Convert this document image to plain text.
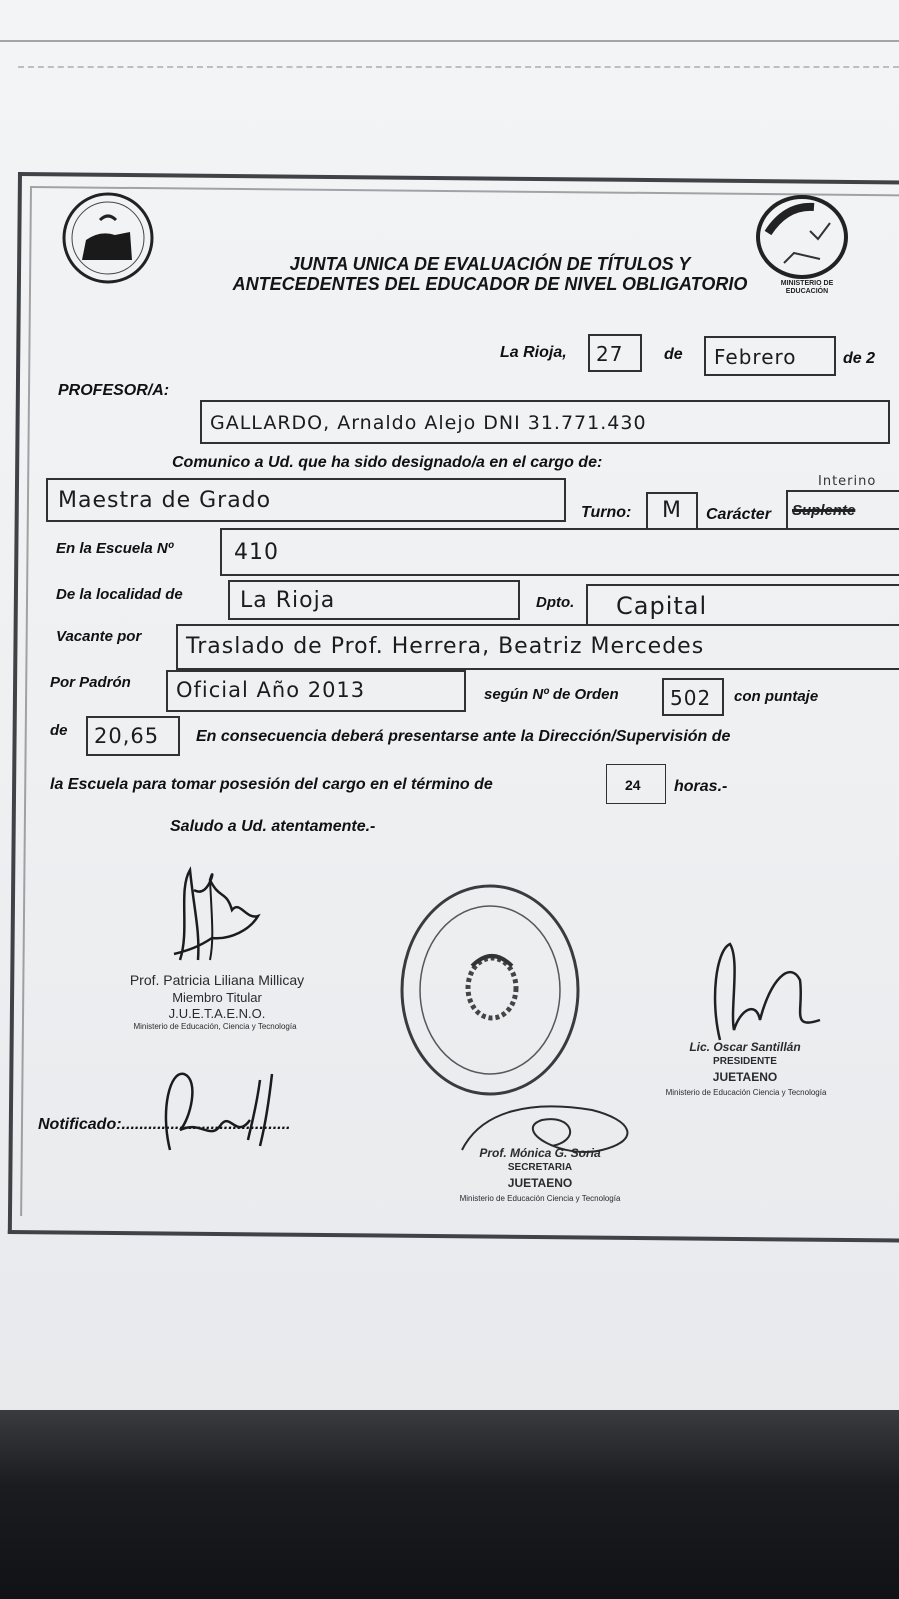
MINISTERIO DE
EDUCACIÓN
JUNTA UNICA DE EVALUACIÓN DE TÍTULOS Y
ANTECEDENTES DEL EDUCADOR DE NIVEL OBLIGATORIO
La Rioja, 27	de Febrero	de 2
PROFESOR/A:
GALLARDO, Arnaldo Alejo DNI 31.771.430
Comunico a Ud. que ha sido designado/a en el cargo de:
Maestra de Grado	Turno: M Carácter Suplente
Interino
En la Escuela Nº	410
De la localidad de	La Rioja	Dpto. Capital
Vacante por Traslado de Prof. Herrera, Beatriz Mercedes
Por Padrón Oficial Año 2013	según Nº de Orden	502 con puntaje
de 20,65 En consecuencia deberá presentarse ante la Dirección/Supervisión de
la Escuela para tomar posesión del cargo en el término de	24 horas.-
Saludo a Ud. atentamente.-
Prof. Patricia Liliana Millicay
Miembro Titular
J.U.E.T.A.E.N.O.
Ministerio de Educación, Ciencia y Tecnología
Prof. Mónica G. Soria
SECRETARIA
JUETAENO
Ministerio de Educación Ciencia y Tecnología
Lic. Oscar Santillán
PRESIDENTE
JUETAENO
Ministerio de Educación Ciencia y Tecnología
Notificado:......................................
